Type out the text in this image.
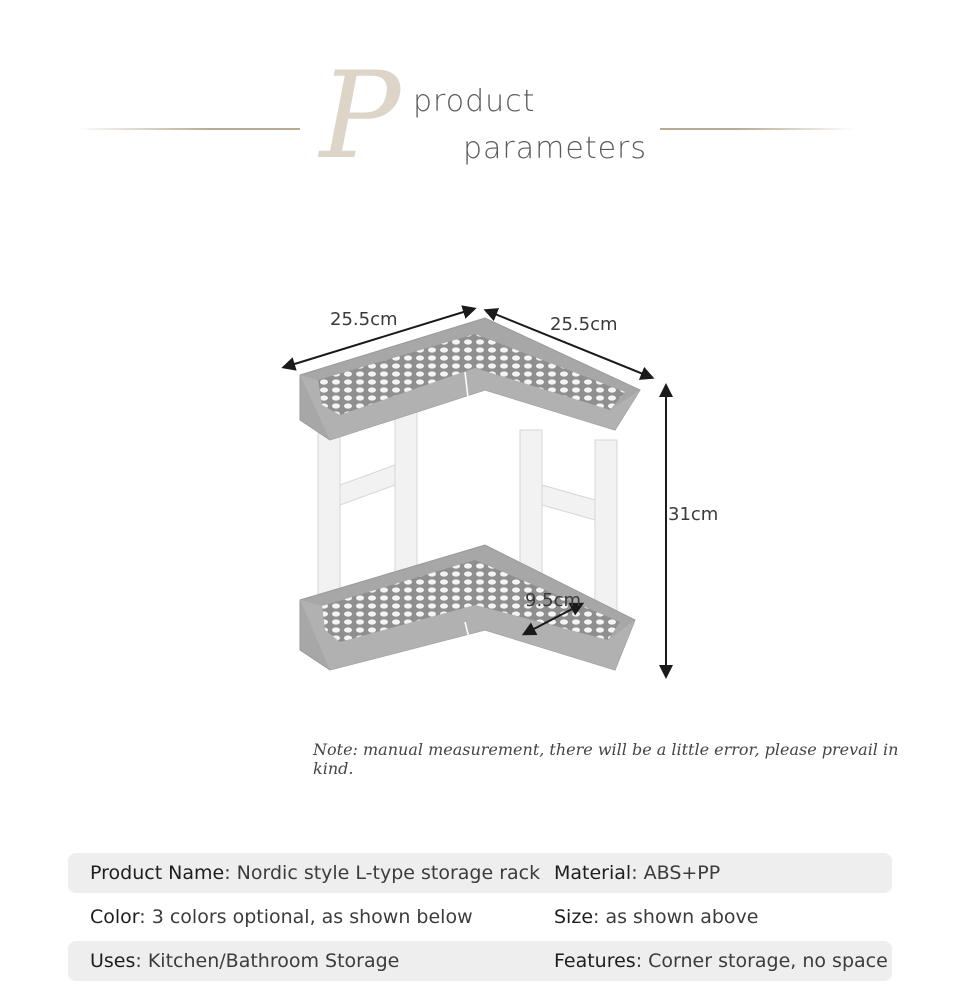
P product
parameters
25.5cm	25.5cm
31cm
9.5cm
Note: manual measurement, there will be a little error, please prevail in kind.
Product Name: Nordic style L-type storage rack Material: ABS+PP
Color: 3 colors optional, as shown below	Size: as shown above
Uses: Kitchen/Bathroom Storage	Features: Corner storage, no space
